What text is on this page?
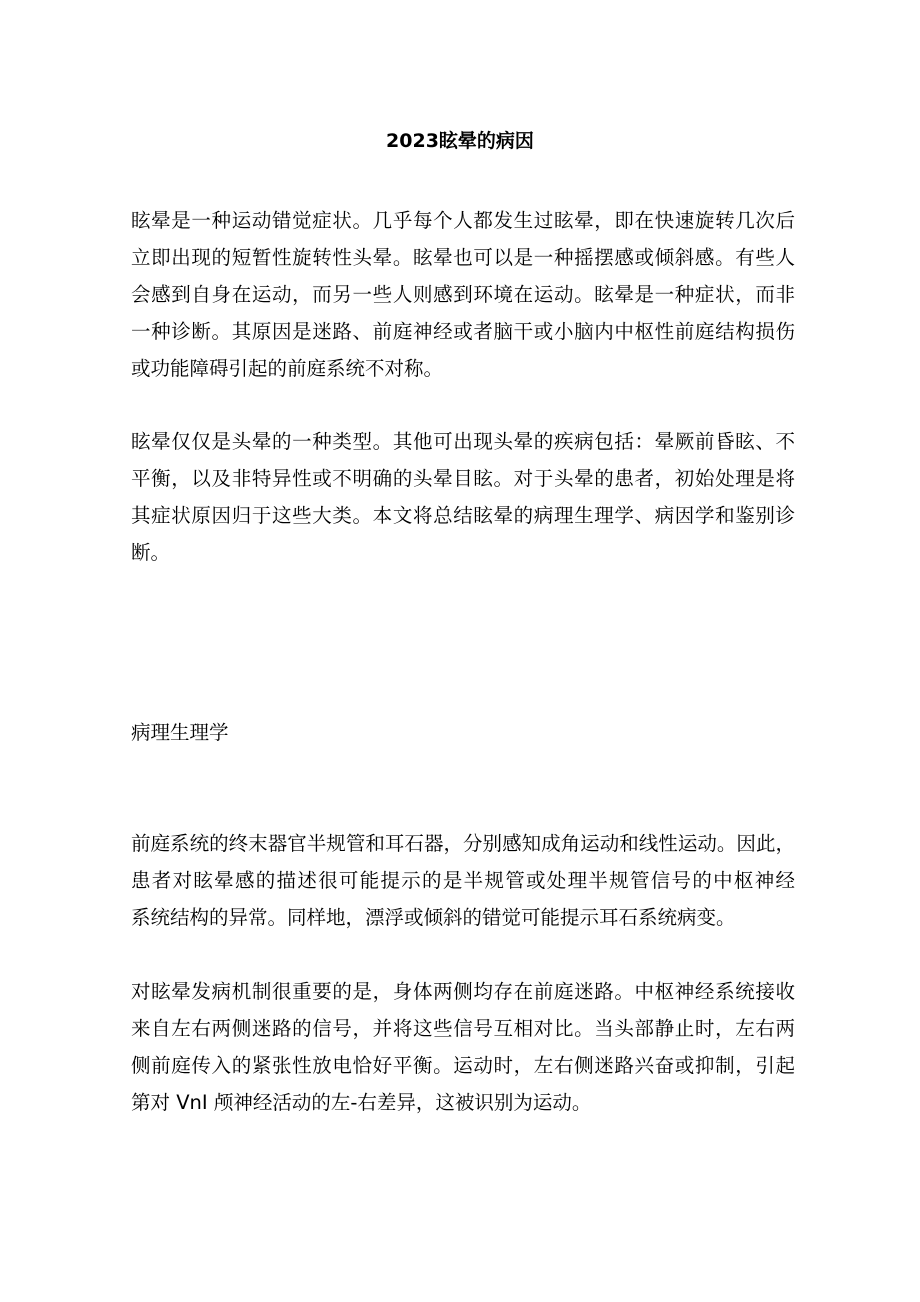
2023眩晕的病因
眩晕是一种运动错觉症状。几乎每个人都发生过眩晕，即在快速旋转几次后
立即出现的短暂性旋转性头晕。眩晕也可以是一种摇摆感或倾斜感。有些人
会感到自身在运动，而另一些人则感到环境在运动。眩晕是一种症状，而非
一种诊断。其原因是迷路、前庭神经或者脑干或小脑内中枢性前庭结构损伤
或功能障碍引起的前庭系统不对称。
眩晕仅仅是头晕的一种类型。其他可出现头晕的疾病包括：晕厥前昏眩、不
平衡，以及非特异性或不明确的头晕目眩。对于头晕的患者，初始处理是将
其症状原因归于这些大类。本文将总结眩晕的病理生理学、病因学和鉴别诊
断。
病理生理学
前庭系统的终末器官半规管和耳石器，分别感知成角运动和线性运动。因此，
患者对眩晕感的描述很可能提示的是半规管或处理半规管信号的中枢神经
系统结构的异常。同样地，漂浮或倾斜的错觉可能提示耳石系统病变。
对眩晕发病机制很重要的是，身体两侧均存在前庭迷路。中枢神经系统接收
来自左右两侧迷路的信号，并将这些信号互相对比。当头部静止时，左右两
侧前庭传入的紧张性放电恰好平衡。运动时，左右侧迷路兴奋或抑制，引起
第对 VnI 颅神经活动的左-右差异，这被识别为运动。
